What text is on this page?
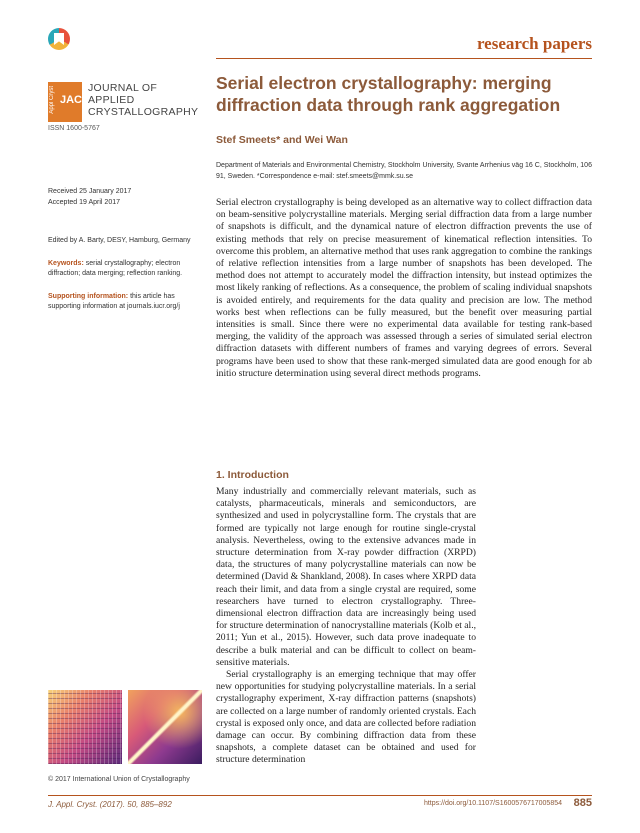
research papers
Appl Cryst JAC
JOURNAL OF
APPLIED
CRYSTALLOGRAPHY
ISSN 1600-5767
Serial electron crystallography: merging diffraction data through rank aggregation
Stef Smeets* and Wei Wan
Department of Materials and Environmental Chemistry, Stockholm University, Svante Arrhenius väg 16 C, Stockholm, 106 91, Sweden. *Correspondence e-mail: stef.smeets@mmk.su.se
Received 25 January 2017
Accepted 19 April 2017
Edited by A. Barty, DESY, Hamburg, Germany
Keywords: serial crystallography; electron diffraction; data merging; reflection ranking.
Supporting information: this article has supporting information at journals.iucr.org/j
Serial electron crystallography is being developed as an alternative way to collect diffraction data on beam-sensitive polycrystalline materials. Merging serial diffraction data from a large number of snapshots is difficult, and the dynamical nature of electron diffraction prevents the use of existing methods that rely on precise measurement of kinematical reflection intensities. To overcome this problem, an alternative method that uses rank aggregation to combine the rankings of relative reflection intensities from a large number of snapshots has been developed. The method does not attempt to accurately model the diffraction intensity, but instead optimizes the most likely ranking of reflections. As a consequence, the problem of scaling individual snapshots is avoided entirely, and requirements for the data quality and precision are low. The method works best when reflections can be fully measured, but the benefit over measuring partial intensities is small. Since there were no experimental data available for testing rank-based merging, the validity of the approach was assessed through a series of simulated serial electron diffraction datasets with different numbers of frames and varying degrees of errors. Several programs have been used to show that these rank-merged simulated data are good enough for ab initio structure determination using several direct methods programs.
1. Introduction

Many industrially and commercially relevant materials, such as catalysts, pharmaceuticals, minerals and semiconductors, are synthesized and used in polycrystalline form. The crystals that are formed are typically not large enough for routine single-crystal analysis. Nevertheless, owing to the extensive advances made in structure determination from X-ray powder diffraction (XRPD) data, the structures of many polycrystalline materials can now be determined (David & Shankland, 2008). In cases where XRPD data reach their limit, and data from a single crystal are required, some researchers have turned to electron crystallography. Three-dimensional electron diffraction data are increasingly being used for structure determination of nanocrystalline materials (Kolb et al., 2011; Yun et al., 2015). However, such data prove inadequate to describe a bulk material and can be difficult to collect on beam-sensitive materials.

Serial crystallography is an emerging technique that may offer new opportunities for studying polycrystalline materials. In a serial crystallography experiment, X-ray diffraction patterns (snapshots) are collected on a large number of randomly oriented crystals. Each crystal is exposed only once, and data are collected before radiation damage can occur. By combining diffraction data from these snapshots, a complete dataset can be obtained and used for structure determination

© 2017 International Union of Crystallography
J. Appl. Cryst. (2017). 50, 885–892	https://doi.org/10.1107/S1600576717005854 885
